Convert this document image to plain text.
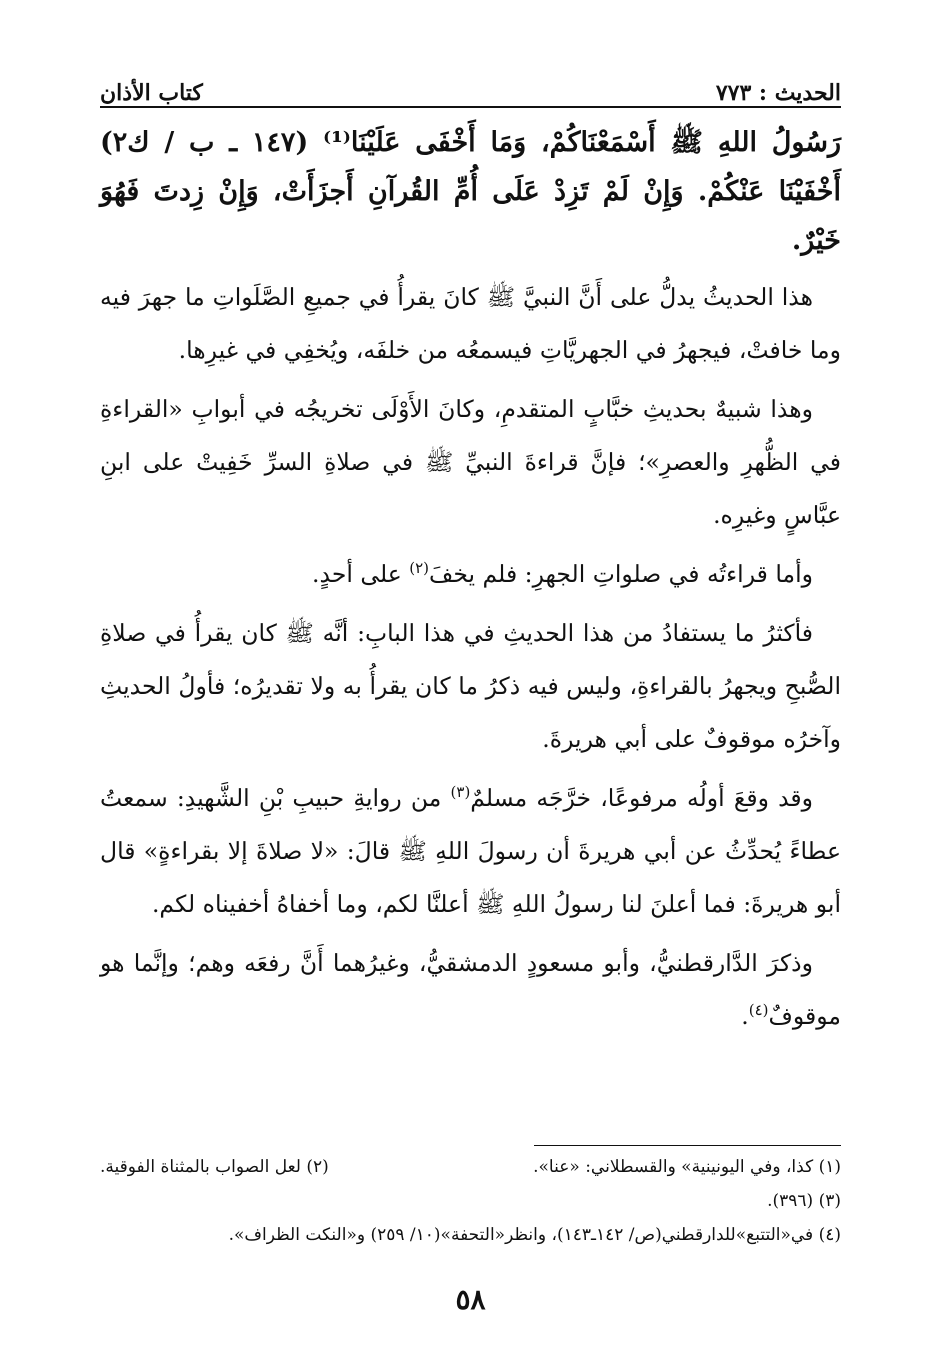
كتاب الأذان	الحديث : ٧٧٣

رَسُولُ اللهِ ﷺ أَسْمَعْنَاكُمْ، وَمَا أَخْفَى عَلَيْنَا⁽¹⁾ (١٤٧ ـ ب / ك٢) أَخْفَيْنَا عَنْكُمْ. وَإِنْ لَمْ تَزِدْ عَلَى أُمِّ القُرآنِ أَجزَأَتْ، وَإِنْ زِدتَ فَهُوَ خَيْرٌ.

هذا الحديثُ يدلُّ على أَنَّ النبيَّ ﷺ كانَ يقرأُ في جميعِ الصَّلَواتِ ما جهرَ فيه وما خافتْ، فيجهرُ في الجهريَّاتِ فيسمعُه من خلفَه، ويُخفِي في غيرِها.

وهذا شبيهٌ بحديثِ خبَّابٍ المتقدمِ، وكانَ الأَوْلَى تخريجُه في أبوابِ «القراءةِ في الظُّهرِ والعصرِ»؛ فإنَّ قراءةَ النبيِّ ﷺ في صلاةِ السرِّ خَفِيتْ على ابنِ عبَّاسٍ وغيرِه.

وأما قراءتُه في صلواتِ الجهرِ: فلم يخفَ$^{(٢)}$ على أحدٍ.

فأكثرُ ما يستفادُ من هذا الحديثِ في هذا البابِ: أنَّه ﷺ كان يقرأُ في صلاةِ الصُّبحِ ويجهرُ بالقراءةِ، وليس فيه ذكرُ ما كان يقرأُ به ولا تقديرُه؛ فأولُ الحديثِ وآخرُه موقوفٌ على أبي هريرةَ.

وقد وقعَ أولُه مرفوعًا، خرَّجَه مسلمٌ$^{(٣)}$ من روايةِ حبيبِ بْنِ الشَّهيدِ: سمعتُ عطاءً يُحدِّثُ عن أبي هريرةَ أن رسولَ اللهِ ﷺ قالَ: «لا صلاةَ إلا بقراءةٍ» قال أبو هريرةَ: فما أعلنَ لنا رسولُ اللهِ ﷺ أعلنَّا لكم، وما أخفاهُ أخفيناه لكم.

وذكرَ الدَّارقطنيُّ، وأبو مسعودٍ الدمشقيُّ، وغيرُهما أَنَّ رفعَه وهم؛ وإنَّما هو موقوفٌ$^{(٤)}$.

(١) كذا، وفي اليونينية» والقسطلاني: «عنا».
(٢) لعل الصواب بالمثناة الفوقية.
(٣) (٣٩٦).
(٤) في«التتبع»للدارقطني(ص/ ١٤٢ـ١٤٣)، وانظر«التحفة»(١٠/ ٢٥٩) و«النكت الظراف».
٥٨
